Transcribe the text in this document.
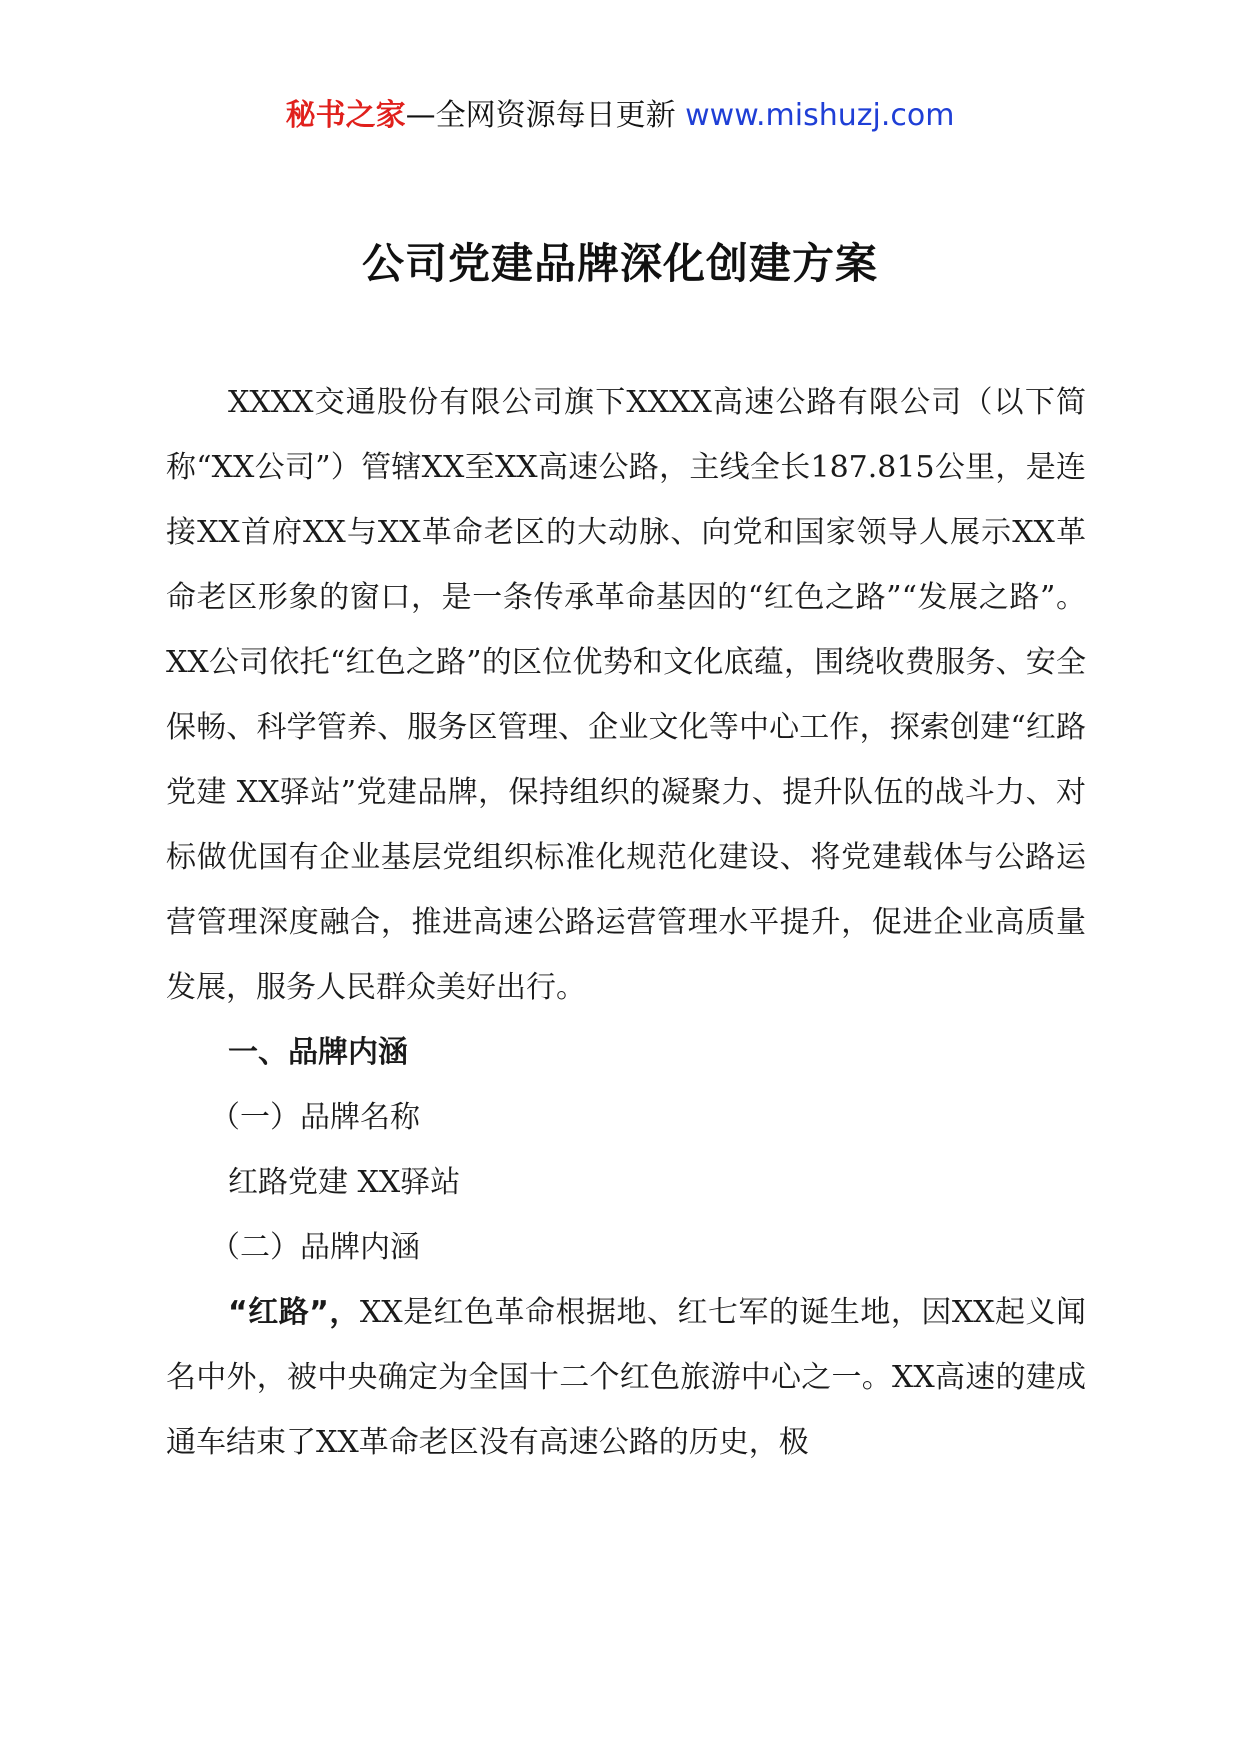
秘书之家—全网资源每日更新 www.mishuzj.com
公司党建品牌深化创建方案

XXXX交通股份有限公司旗下XXXX高速公路有限公司（以下简称“XX公司”）管辖XX至XX高速公路，主线全长187.815公里，是连接XX首府XX与XX革命老区的大动脉、向党和国家领导人展示XX革命老区形象的窗口，是一条传承革命基因的“红色之路”“发展之路”。XX公司依托“红色之路”的区位优势和文化底蕴，围绕收费服务、安全保畅、科学管养、服务区管理、企业文化等中心工作，探索创建“红路党建 XX驿站”党建品牌，保持组织的凝聚力、提升队伍的战斗力、对标做优国有企业基层党组织标准化规范化建设、将党建载体与公路运营管理深度融合，推进高速公路运营管理水平提升，促进企业高质量发展，服务人民群众美好出行。

一、品牌内涵

（一）品牌名称

红路党建 XX驿站

（二）品牌内涵

“红路”，XX是红色革命根据地、红七军的诞生地，因XX起义闻名中外，被中央确定为全国十二个红色旅游中心之一。XX高速的建成通车结束了XX革命老区没有高速公路的历史，极
